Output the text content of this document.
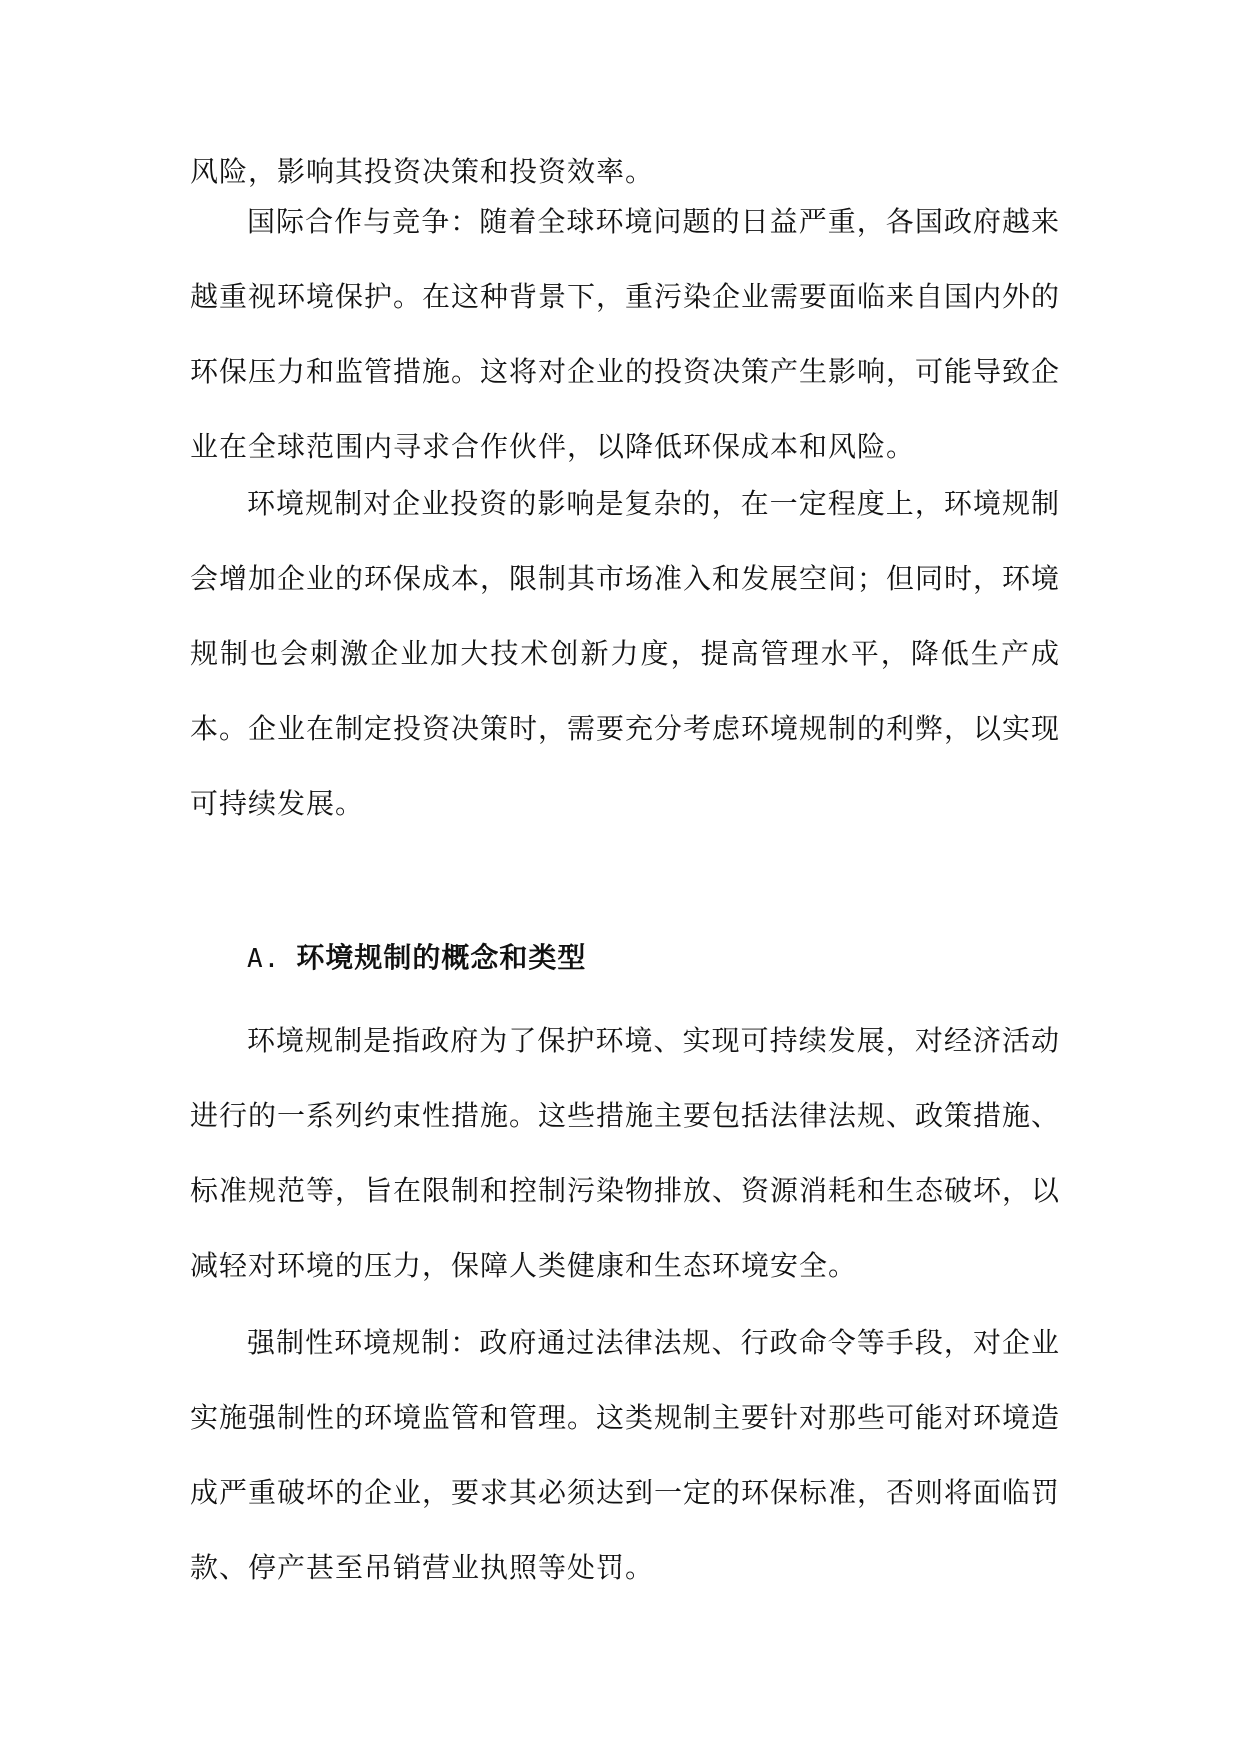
风险，影响其投资决策和投资效率。

国际合作与竞争：随着全球环境问题的日益严重，各国政府越来越重视环境保护。在这种背景下，重污染企业需要面临来自国内外的环保压力和监管措施。这将对企业的投资决策产生影响，可能导致企业在全球范围内寻求合作伙伴，以降低环保成本和风险。

环境规制对企业投资的影响是复杂的，在一定程度上，环境规制会增加企业的环保成本，限制其市场准入和发展空间；但同时，环境规制也会刺激企业加大技术创新力度，提高管理水平，降低生产成本。企业在制定投资决策时，需要充分考虑环境规制的利弊，以实现可持续发展。

A. 环境规制的概念和类型

环境规制是指政府为了保护环境、实现可持续发展，对经济活动进行的一系列约束性措施。这些措施主要包括法律法规、政策措施、标准规范等，旨在限制和控制污染物排放、资源消耗和生态破坏，以减轻对环境的压力，保障人类健康和生态环境安全。

强制性环境规制：政府通过法律法规、行政命令等手段，对企业实施强制性的环境监管和管理。这类规制主要针对那些可能对环境造成严重破坏的企业，要求其必须达到一定的环保标准，否则将面临罚款、停产甚至吊销营业执照等处罚。
